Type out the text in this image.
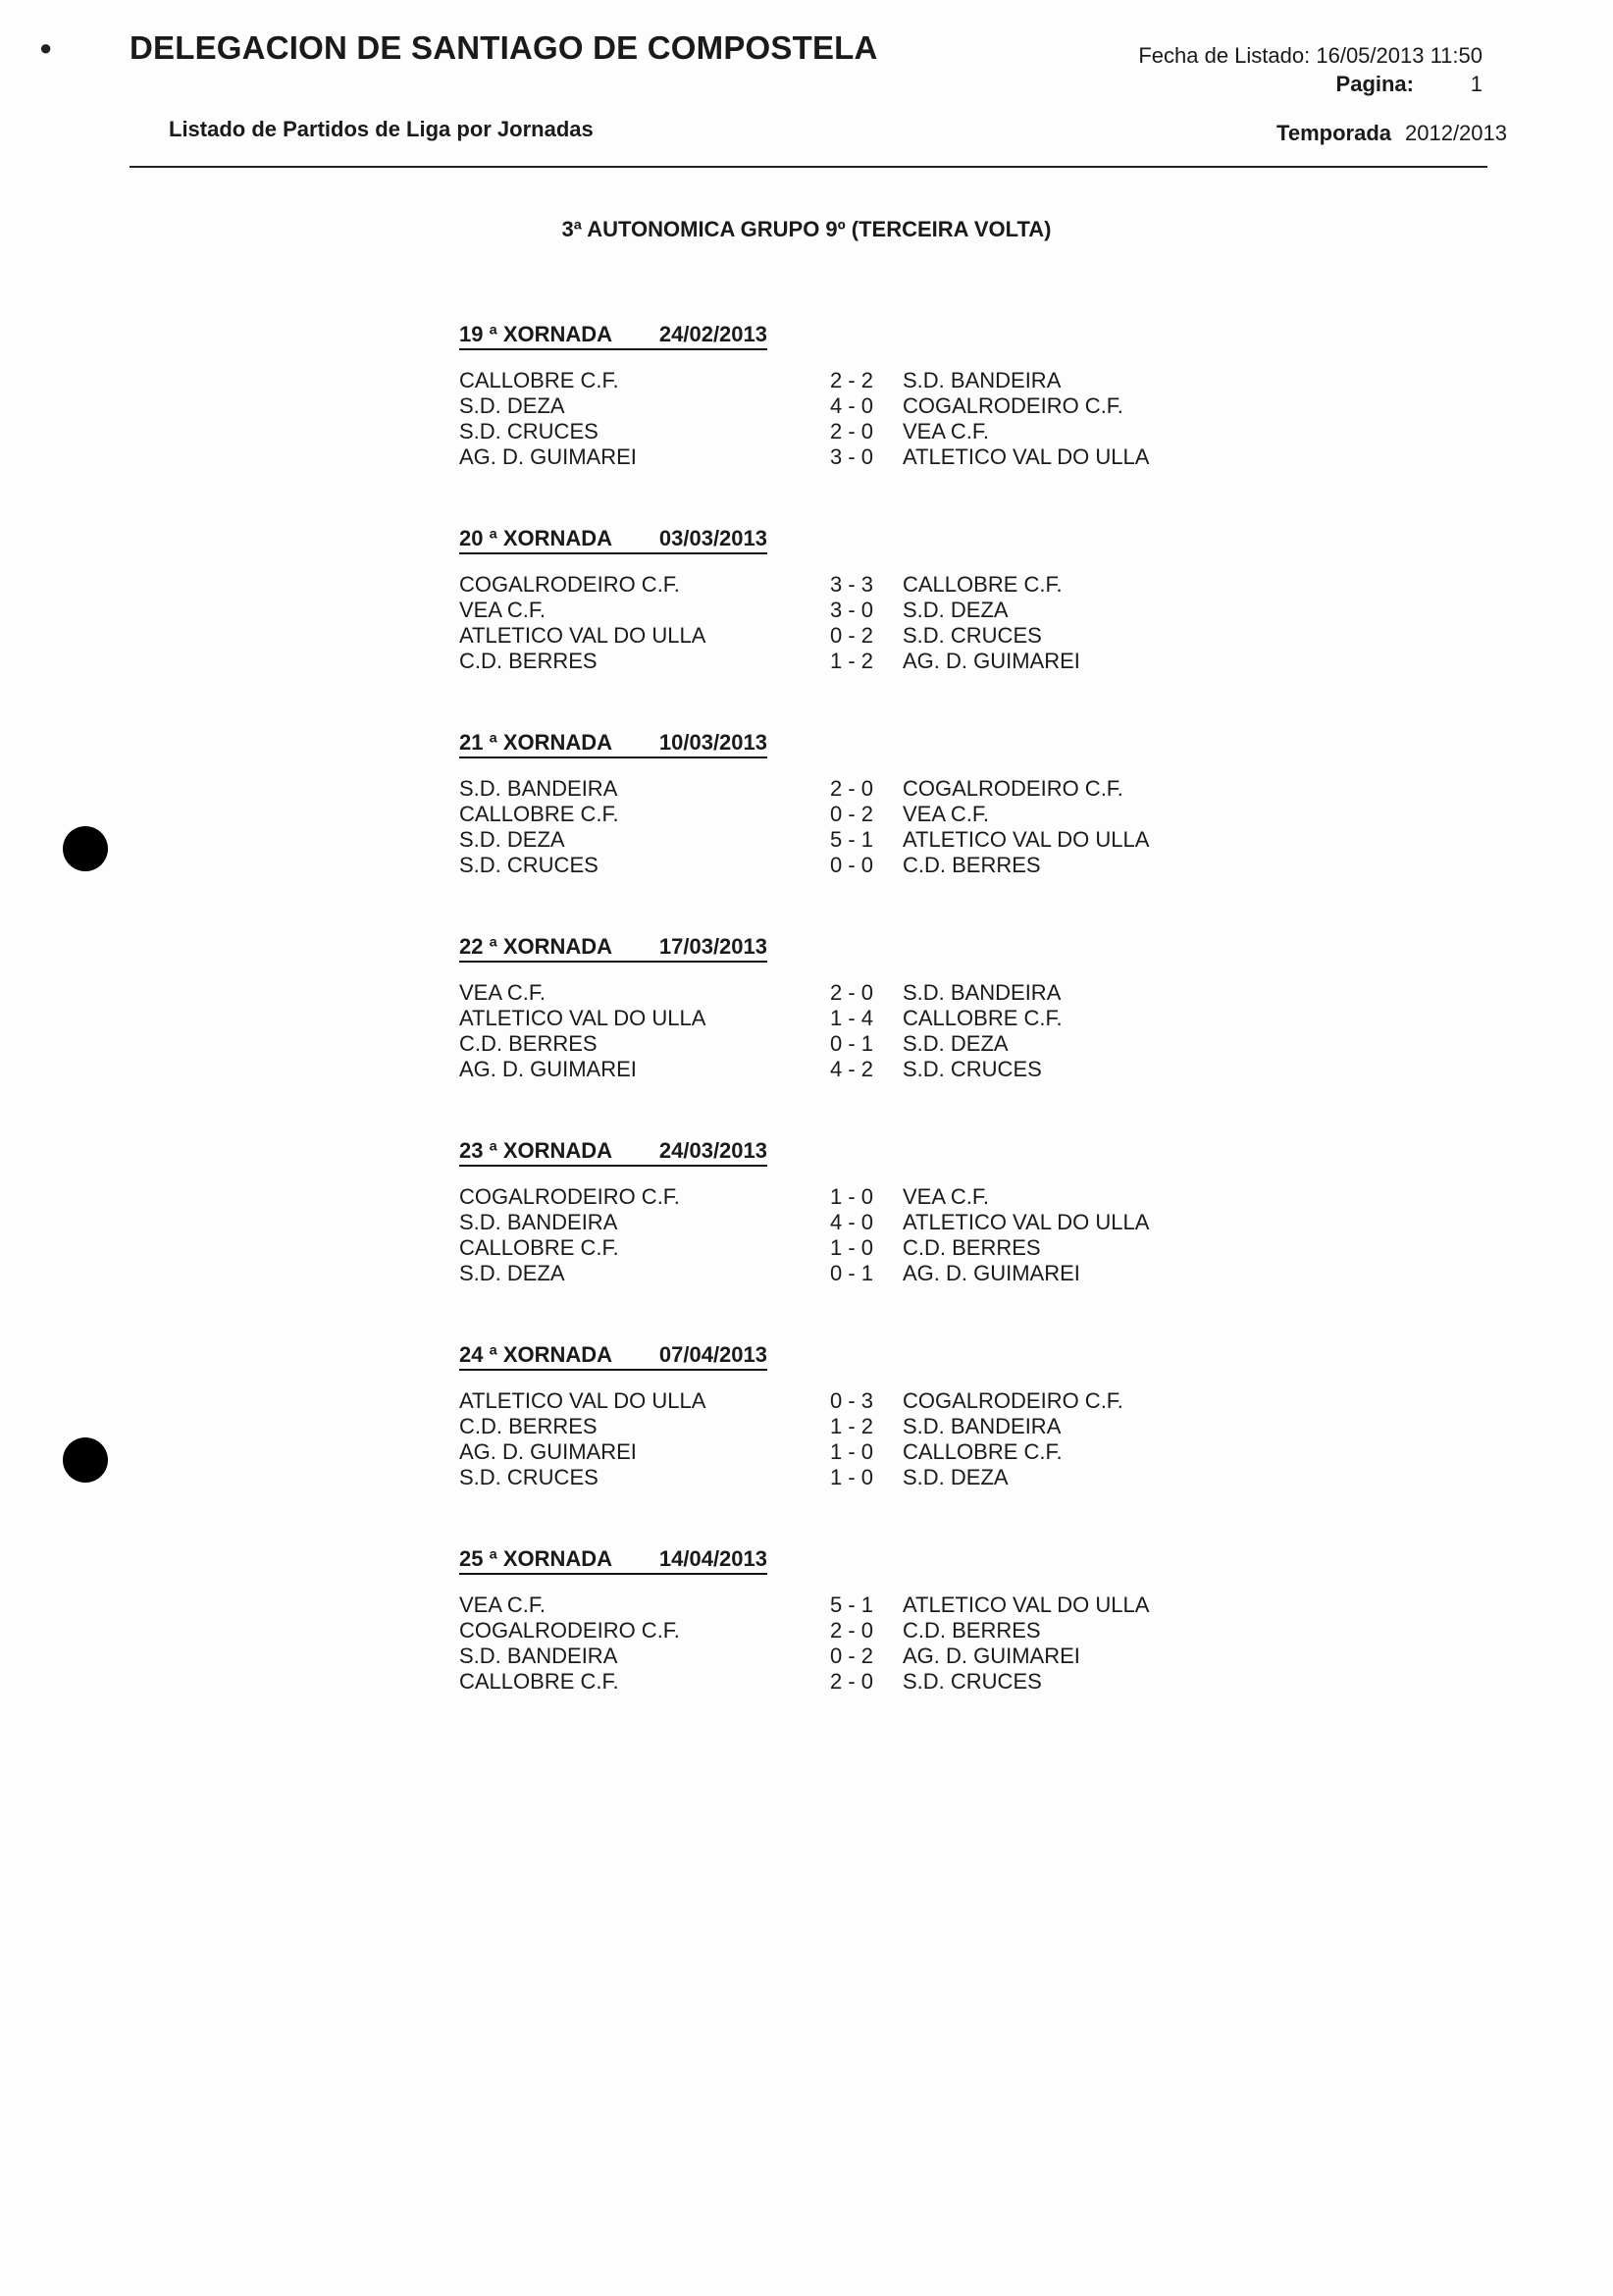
● DELEGACION DE SANTIAGO DE COMPOSTELA
Listado de Partidos de Liga por Jornadas
Fecha de Listado: 16/05/2013 11:50
Pagina:	1
Temporada 2012/2013
3ª AUTONOMICA GRUPO 9º (TERCEIRA VOLTA)
19 ª XORNADA	24/02/2013
CALLOBRE C.F.	2 - 2	S.D. BANDEIRA
S.D. DEZA	4 - 0	COGALRODEIRO C.F.
S.D. CRUCES	2 - 0	VEA C.F.
AG. D. GUIMAREI	3 - 0	ATLETICO VAL DO ULLA
20 ª XORNADA	03/03/2013
COGALRODEIRO C.F.	3 - 3	CALLOBRE C.F.
VEA C.F.	3 - 0	S.D. DEZA
ATLETICO VAL DO ULLA	0 - 2	S.D. CRUCES
C.D. BERRES	1 - 2	AG. D. GUIMAREI
21 ª XORNADA	10/03/2013
S.D. BANDEIRA	2 - 0	COGALRODEIRO C.F.
CALLOBRE C.F.	0 - 2	VEA C.F.
S.D. DEZA	5 - 1	ATLETICO VAL DO ULLA
S.D. CRUCES	0 - 0	C.D. BERRES
22 ª XORNADA	17/03/2013
VEA C.F.	2 - 0	S.D. BANDEIRA
ATLETICO VAL DO ULLA	1 - 4	CALLOBRE C.F.
C.D. BERRES	0 - 1	S.D. DEZA
AG. D. GUIMAREI	4 - 2	S.D. CRUCES
23 ª XORNADA	24/03/2013
COGALRODEIRO C.F.	1 - 0	VEA C.F.
S.D. BANDEIRA	4 - 0	ATLETICO VAL DO ULLA
CALLOBRE C.F.	1 - 0	C.D. BERRES
S.D. DEZA	0 - 1	AG. D. GUIMAREI
24 ª XORNADA	07/04/2013
ATLETICO VAL DO ULLA	0 - 3	COGALRODEIRO C.F.
C.D. BERRES	1 - 2	S.D. BANDEIRA
AG. D. GUIMAREI	1 - 0	CALLOBRE C.F.
S.D. CRUCES	1 - 0	S.D. DEZA
25 ª XORNADA	14/04/2013
VEA C.F.	5 - 1	ATLETICO VAL DO ULLA
COGALRODEIRO C.F.	2 - 0	C.D. BERRES
S.D. BANDEIRA	0 - 2	AG. D. GUIMAREI
CALLOBRE C.F.	2 - 0	S.D. CRUCES
